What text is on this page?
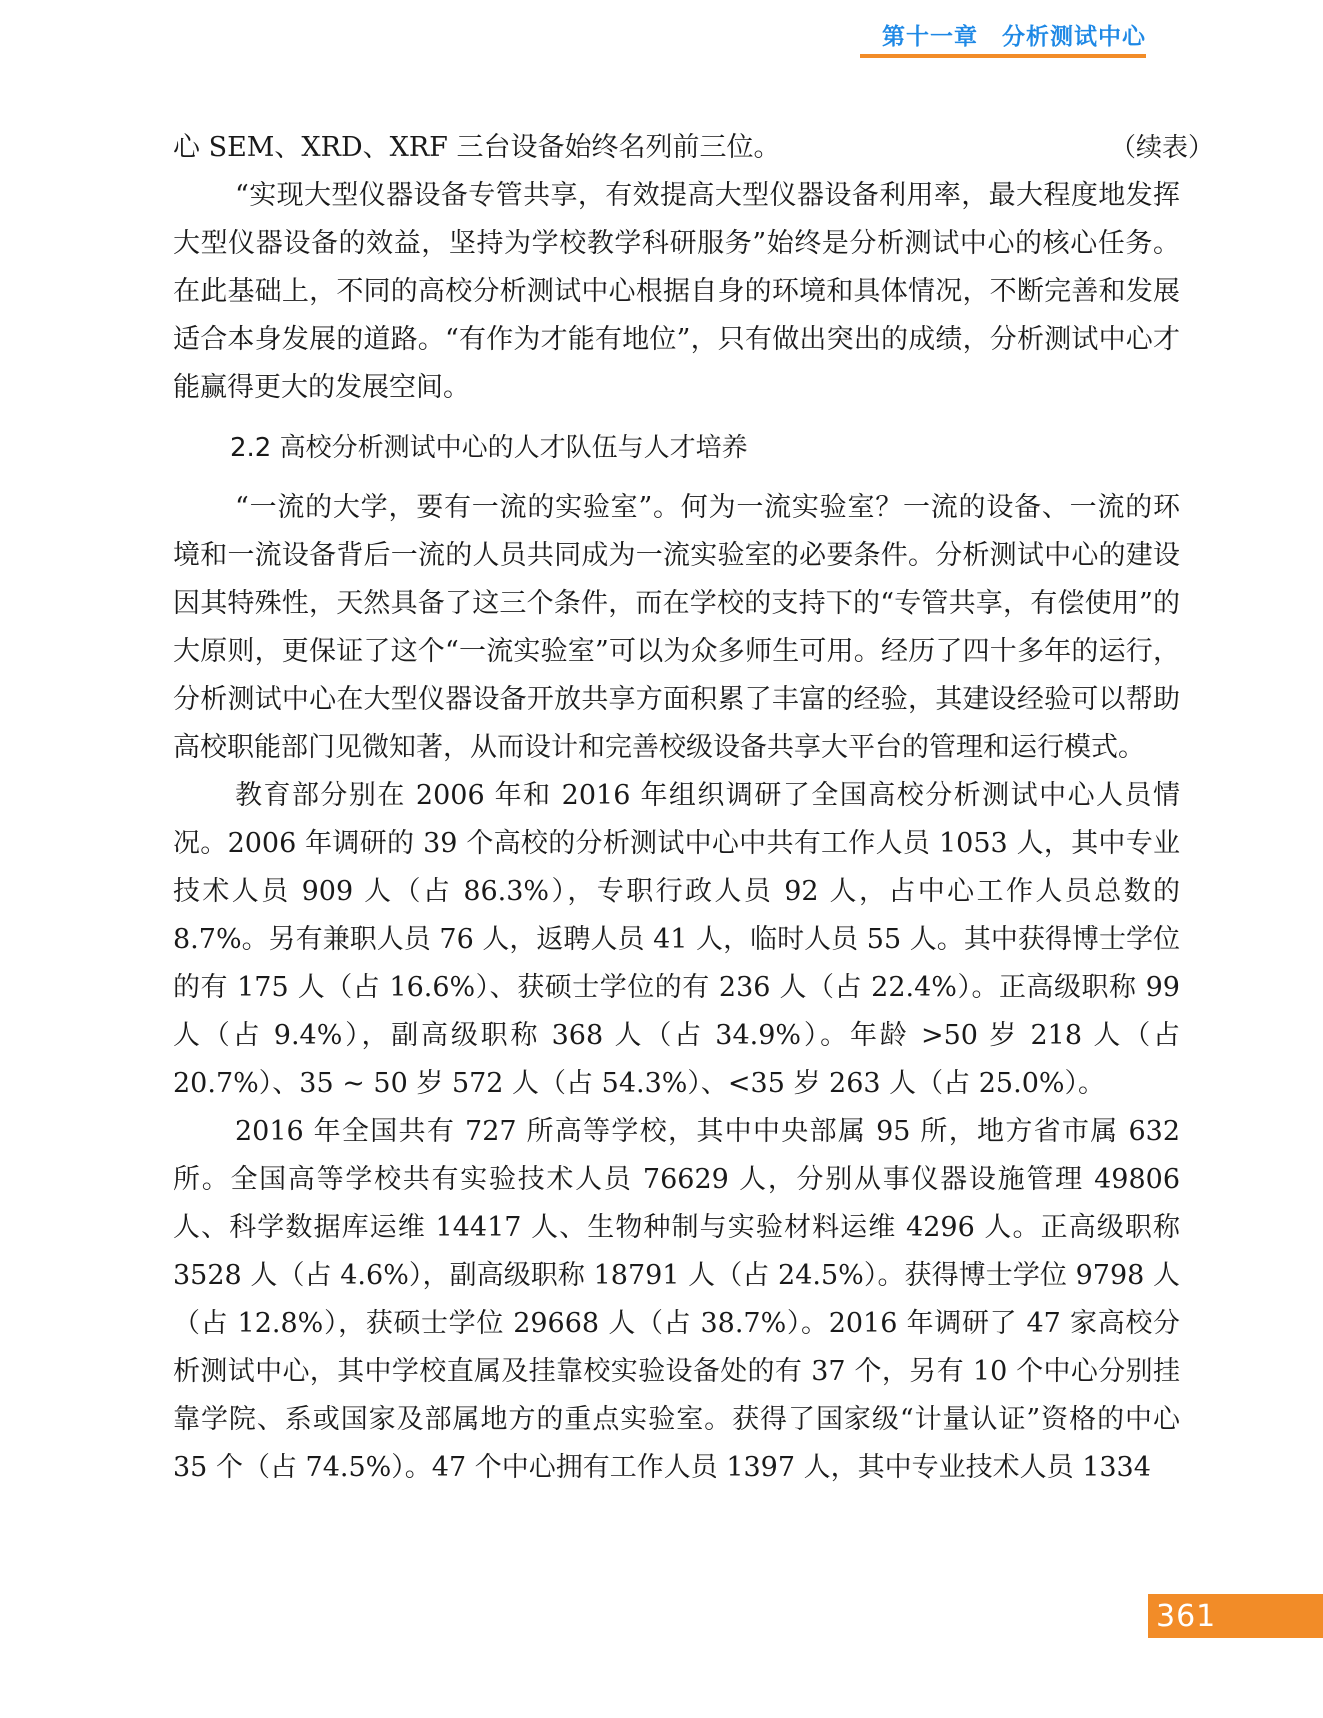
第十一章　分析测试中心
（续表）

心 SEM、XRD、XRF 三台设备始终名列前三位。

“实现大型仪器设备专管共享，有效提高大型仪器设备利用率，最大程度地发挥大型仪器设备的效益，坚持为学校教学科研服务”始终是分析测试中心的核心任务。在此基础上，不同的高校分析测试中心根据自身的环境和具体情况，不断完善和发展适合本身发展的道路。“有作为才能有地位”，只有做出突出的成绩，分析测试中心才能赢得更大的发展空间。

2.2 高校分析测试中心的人才队伍与人才培养

“一流的大学，要有一流的实验室”。何为一流实验室？一流的设备、一流的环境和一流设备背后一流的人员共同成为一流实验室的必要条件。分析测试中心的建设因其特殊性，天然具备了这三个条件，而在学校的支持下的“专管共享，有偿使用”的大原则，更保证了这个“一流实验室”可以为众多师生可用。经历了四十多年的运行，分析测试中心在大型仪器设备开放共享方面积累了丰富的经验，其建设经验可以帮助高校职能部门见微知著，从而设计和完善校级设备共享大平台的管理和运行模式。

教育部分别在 2006 年和 2016 年组织调研了全国高校分析测试中心人员情况。2006 年调研的 39 个高校的分析测试中心中共有工作人员 1053 人，其中专业技术人员 909 人（占 86.3%），专职行政人员 92 人，占中心工作人员总数的 8.7%。另有兼职人员 76 人，返聘人员 41 人，临时人员 55 人。其中获得博士学位的有 175 人（占 16.6%）、获硕士学位的有 236 人（占 22.4%）。正高级职称 99 人（占 9.4%），副高级职称 368 人（占 34.9%）。年龄 >50 岁 218 人（占 20.7%）、35 ~ 50 岁 572 人（占 54.3%）、<35 岁 263 人（占 25.0%）。

2016 年全国共有 727 所高等学校，其中中央部属 95 所，地方省市属 632 所。全国高等学校共有实验技术人员 76629 人，分别从事仪器设施管理 49806 人、科学数据库运维 14417 人、生物种制与实验材料运维 4296 人。正高级职称 3528 人（占 4.6%），副高级职称 18791 人（占 24.5%）。获得博士学位 9798 人（占 12.8%），获硕士学位 29668 人（占 38.7%）。2016 年调研了 47 家高校分析测试中心，其中学校直属及挂靠校实验设备处的有 37 个，另有 10 个中心分别挂靠学院、系或国家及部属地方的重点实验室。获得了国家级“计量认证”资格的中心 35 个（占 74.5%）。47 个中心拥有工作人员 1397 人，其中专业技术人员 1334

361
